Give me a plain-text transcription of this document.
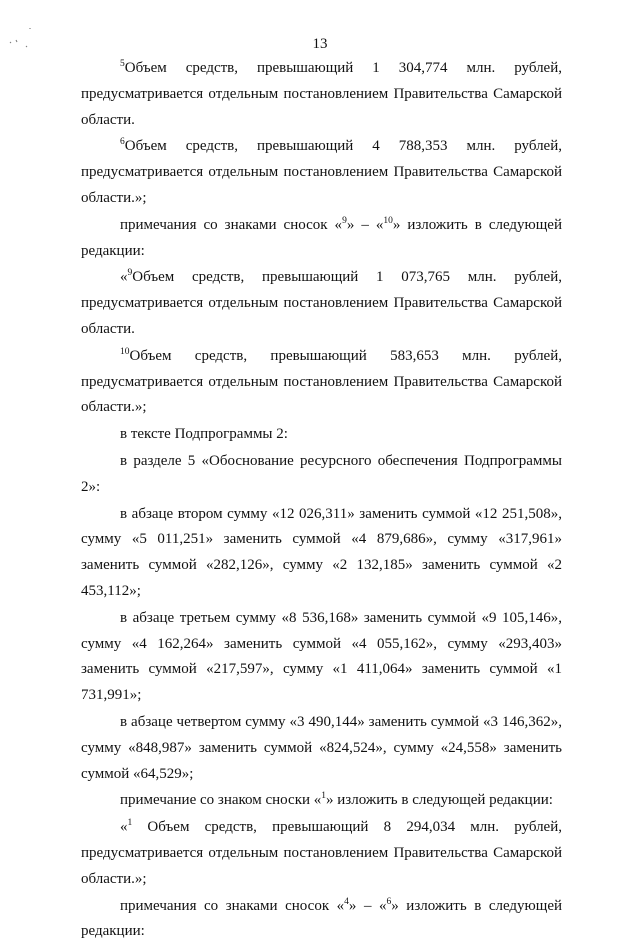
13

$^5$Объем средств, превышающий 1 304,774 млн. рублей, предусматривается отдельным постановлением Правительства Самарской области.

$^6$Объем средств, превышающий 4 788,353 млн. рублей, предусматривается отдельным постановлением Правительства Самарской области.»;

примечания со знаками сносок «$^9$» – «$^{10}$» изложить в следующей редакции:

«$^9$Объем средств, превышающий 1 073,765 млн. рублей, предусматривается отдельным постановлением Правительства Самарской области.

$^{10}$Объем средств, превышающий 583,653 млн. рублей, предусматривается отдельным постановлением Правительства Самарской области.»;

в тексте Подпрограммы 2:

в разделе 5 «Обоснование ресурсного обеспечения Подпрограммы 2»:

в абзаце втором сумму «12 026,311» заменить суммой «12 251,508», сумму «5 011,251» заменить суммой «4 879,686», сумму «317,961» заменить суммой «282,126», сумму «2 132,185» заменить суммой «2 453,112»;

в абзаце третьем сумму «8 536,168» заменить суммой «9 105,146», сумму «4 162,264» заменить суммой «4 055,162», сумму «293,403» заменить суммой «217,597», сумму «1 411,064» заменить суммой «1 731,991»;

в абзаце четвертом сумму «3 490,144» заменить суммой «3 146,362», сумму «848,987» заменить суммой «824,524», сумму «24,558» заменить суммой «64,529»;

примечание со знаком сноски «$^1$» изложить в следующей редакции:

«$^1$ Объем средств, превышающий 8 294,034 млн. рублей, предусматривается отдельным постановлением Правительства Самарской области.»;

примечания со знаками сносок «$^4$» – «$^6$» изложить в следующей редакции:
